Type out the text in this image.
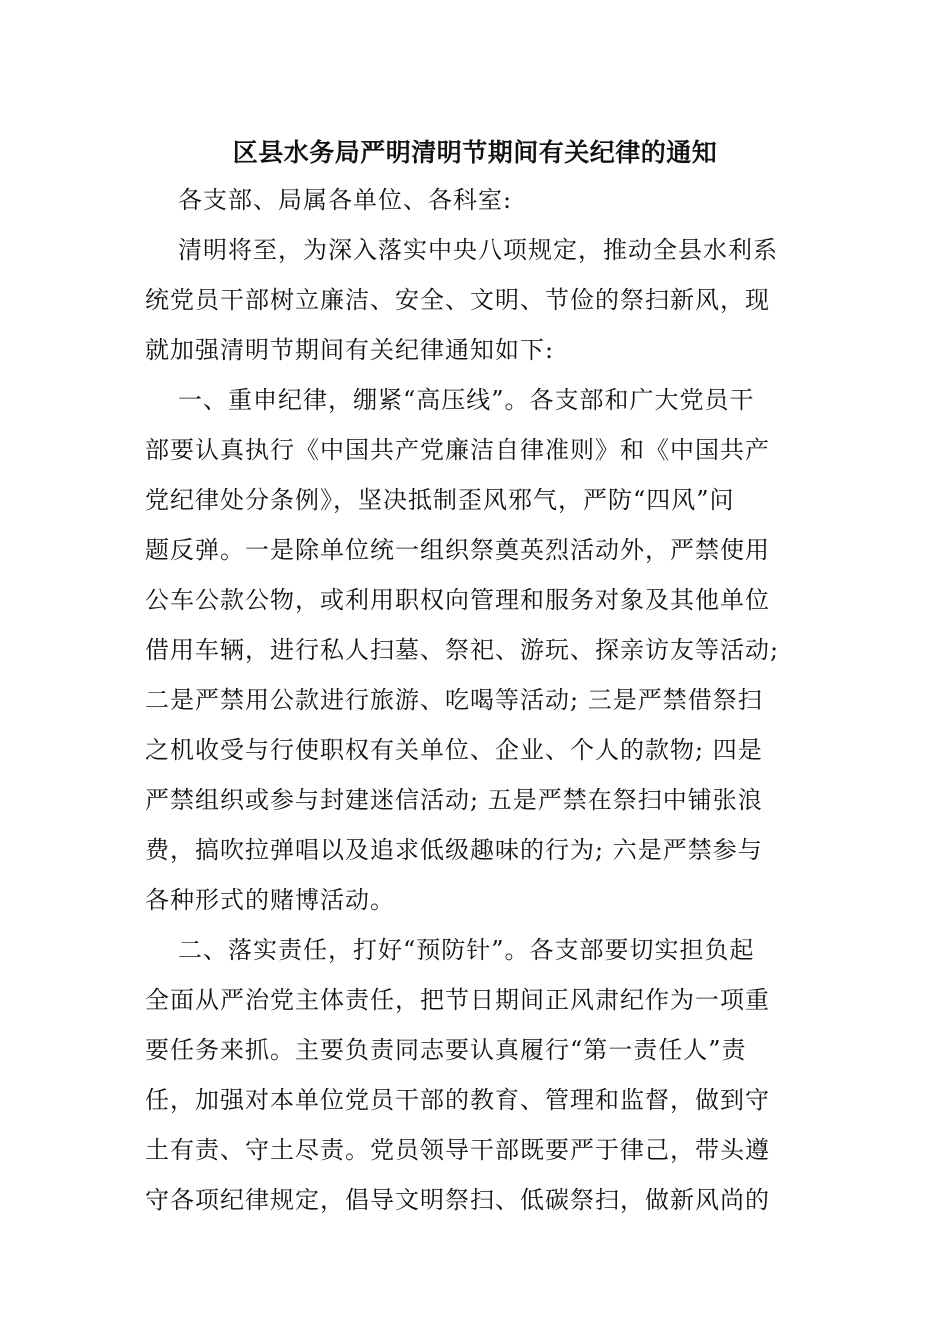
区县水务局严明清明节期间有关纪律的通知
各支部、局属各单位、各科室:
清明将至，为深入落实中央八项规定，推动全县水利系
统党员干部树立廉洁、安全、文明、节俭的祭扫新风，现
就加强清明节期间有关纪律通知如下:
一、重申纪律，绷紧“高压线”。各支部和广大党员干
部要认真执行《中国共产党廉洁自律准则》和《中国共产
党纪律处分条例》，坚决抵制歪风邪气，严防“四风”问
题反弹。一是除单位统一组织祭奠英烈活动外，严禁使用
公车公款公物，或利用职权向管理和服务对象及其他单位
借用车辆，进行私人扫墓、祭祀、游玩、探亲访友等活动;
二是严禁用公款进行旅游、吃喝等活动; 三是严禁借祭扫
之机收受与行使职权有关单位、企业、个人的款物; 四是
严禁组织或参与封建迷信活动; 五是严禁在祭扫中铺张浪
费，搞吹拉弹唱以及追求低级趣味的行为; 六是严禁参与
各种形式的赌博活动。
二、落实责任，打好“预防针”。各支部要切实担负起
全面从严治党主体责任，把节日期间正风肃纪作为一项重
要任务来抓。主要负责同志要认真履行“第一责任人”责
任，加强对本单位党员干部的教育、管理和监督，做到守
土有责、守土尽责。党员领导干部既要严于律己，带头遵
守各项纪律规定，倡导文明祭扫、低碳祭扫，做新风尚的
